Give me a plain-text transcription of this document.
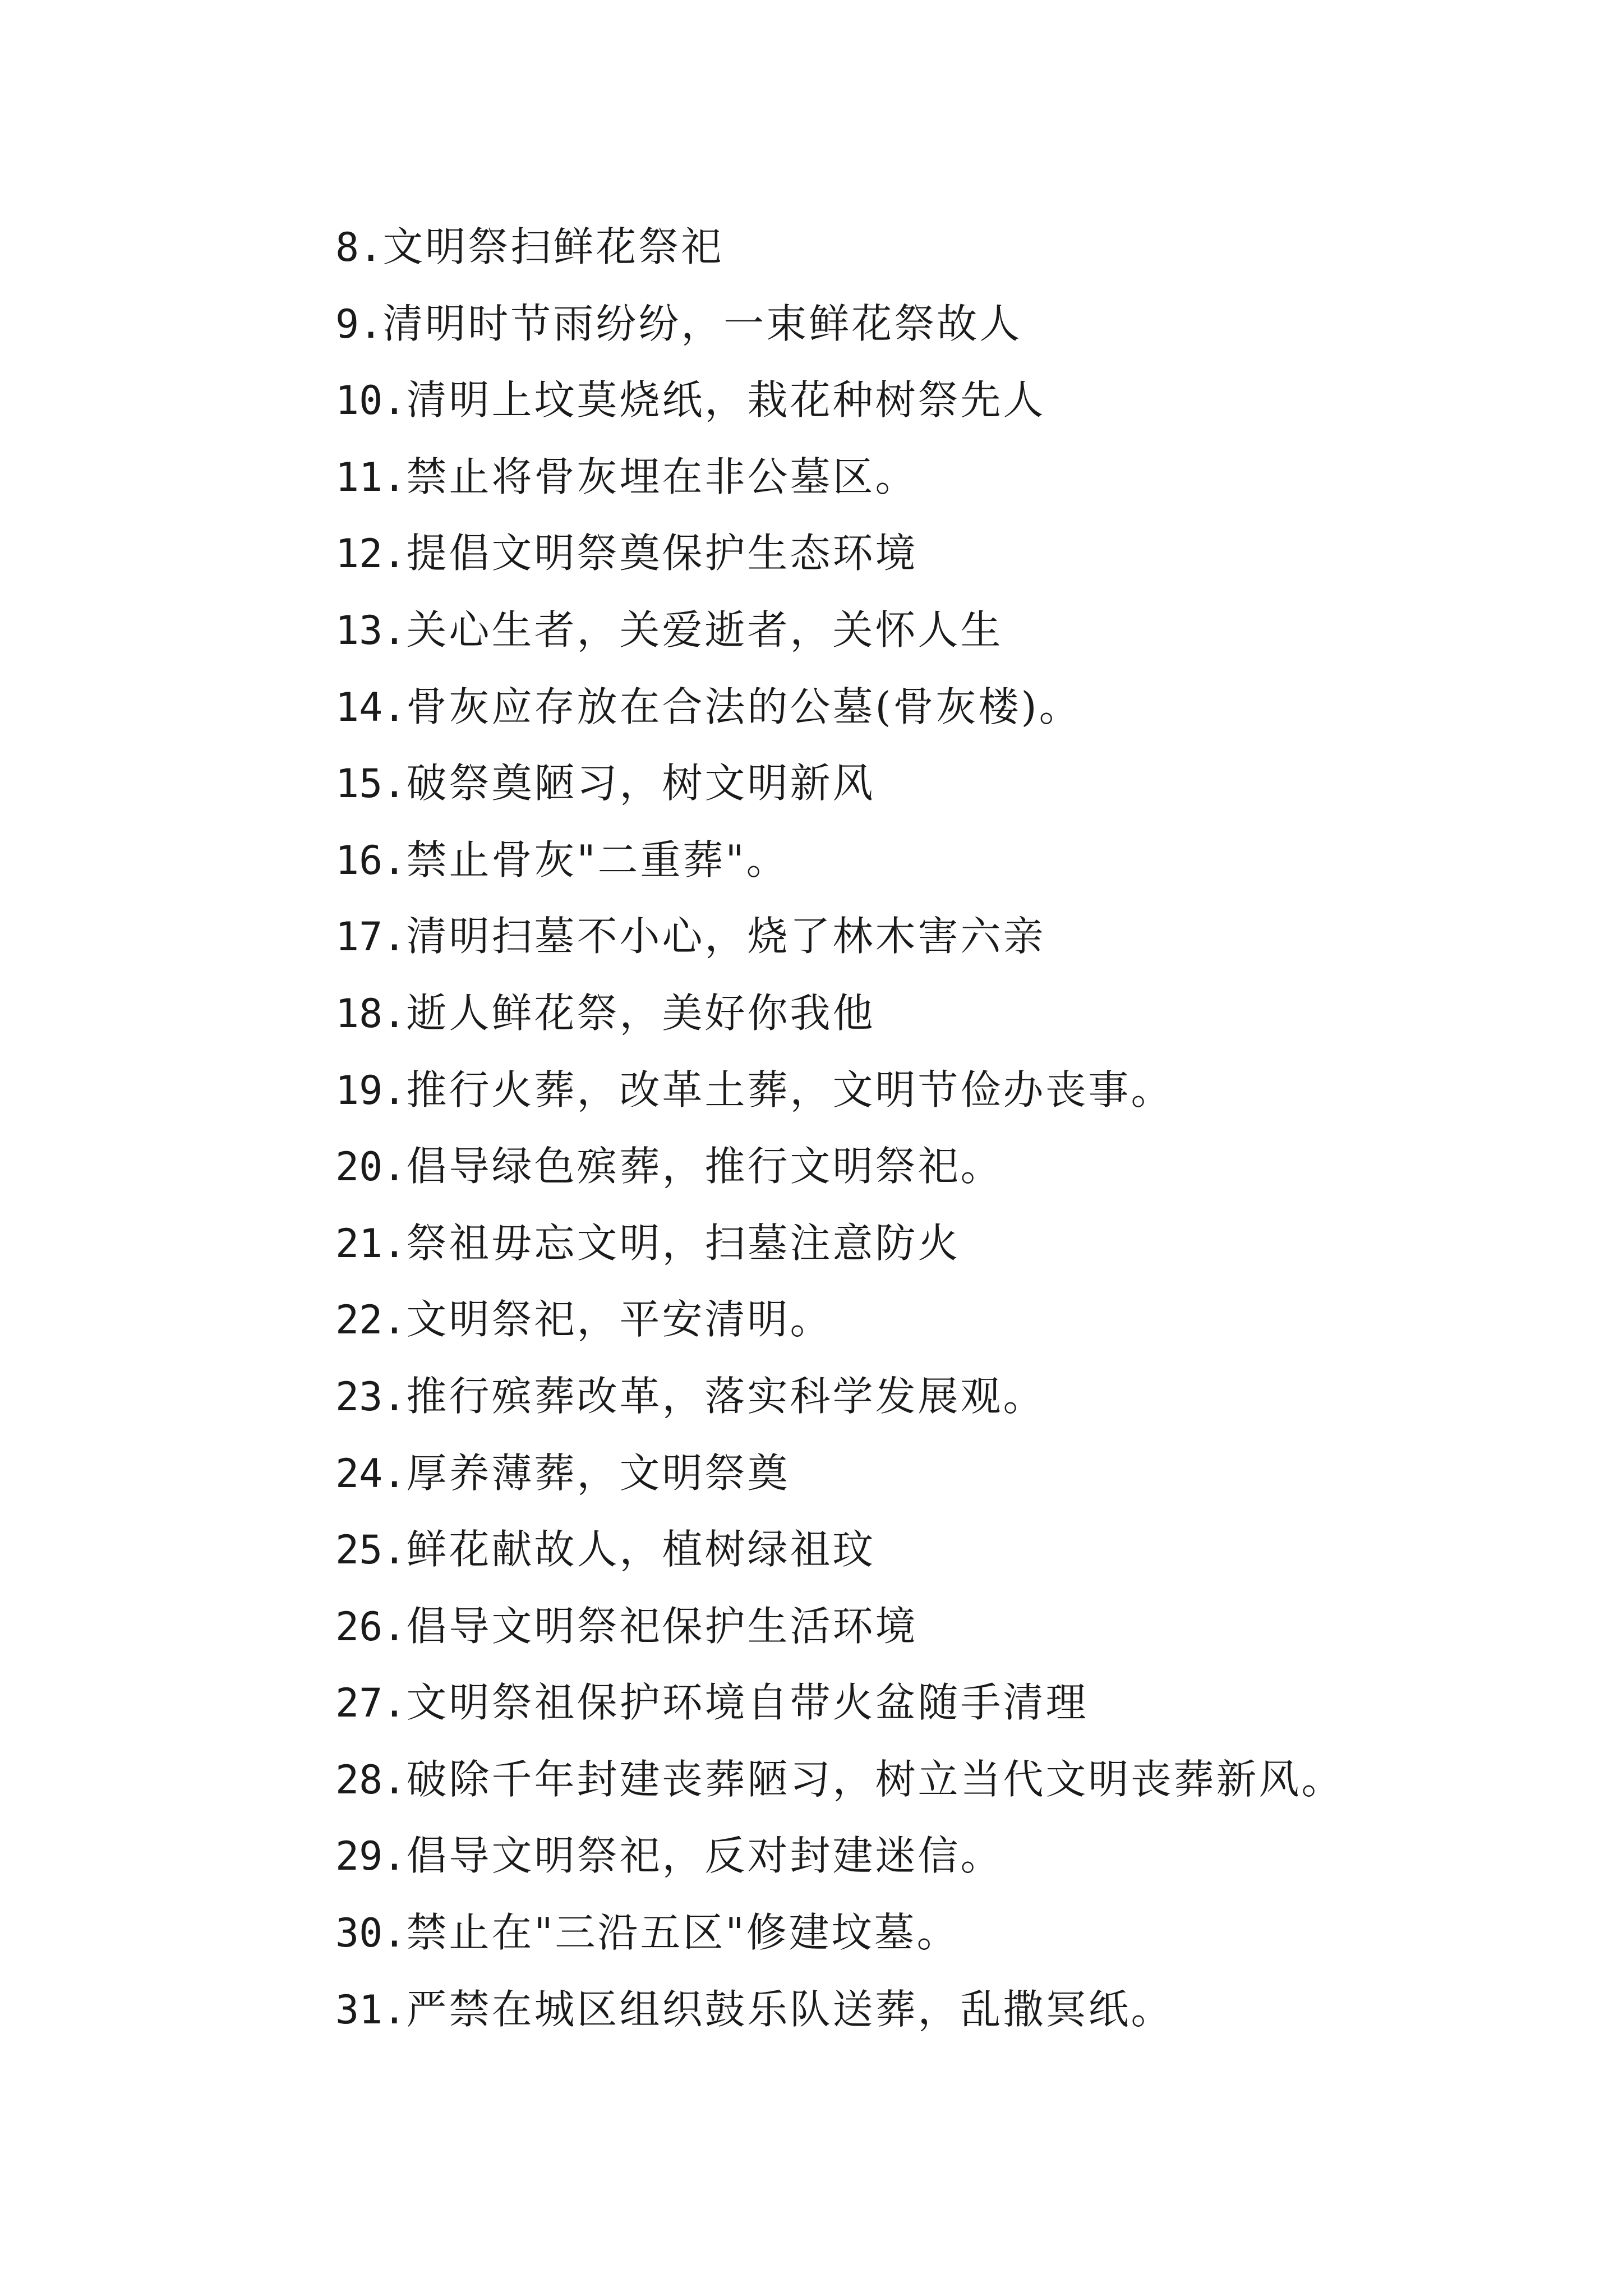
8.文明祭扫鲜花祭祀
9.清明时节雨纷纷，一束鲜花祭故人
10.清明上坟莫烧纸，栽花种树祭先人
11.禁止将骨灰埋在非公墓区。
12.提倡文明祭奠保护生态环境
13.关心生者，关爱逝者，关怀人生
14.骨灰应存放在合法的公墓(骨灰楼)。
15.破祭奠陋习，树文明新风
16.禁止骨灰"二重葬"。
17.清明扫墓不小心，烧了林木害六亲
18.逝人鲜花祭，美好你我他
19.推行火葬，改革土葬，文明节俭办丧事。
20.倡导绿色殡葬，推行文明祭祀。
21.祭祖毋忘文明，扫墓注意防火
22.文明祭祀，平安清明。
23.推行殡葬改革，落实科学发展观。
24.厚养薄葬，文明祭奠
25.鲜花献故人，植树绿祖玟
26.倡导文明祭祀保护生活环境
27.文明祭祖保护环境自带火盆随手清理
28.破除千年封建丧葬陋习，树立当代文明丧葬新风。
29.倡导文明祭祀，反对封建迷信。
30.禁止在"三沿五区"修建坟墓。
31.严禁在城区组织鼓乐队送葬，乱撒冥纸。
